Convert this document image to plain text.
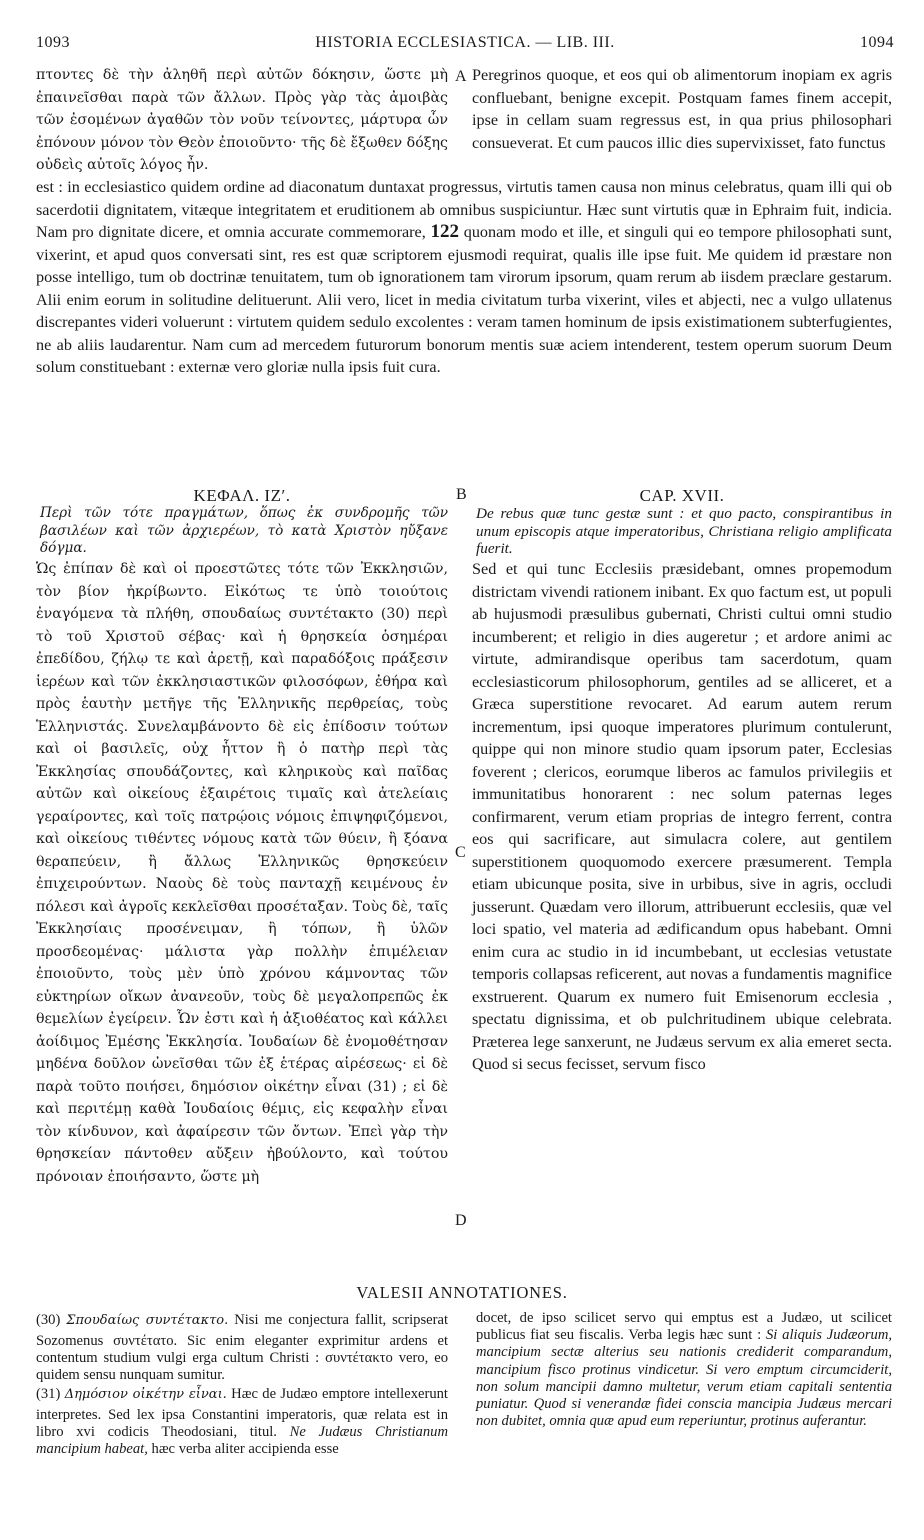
1093	HISTORIA ECCLESIASTICA. — LIB. III.	1094

πτοντες δὲ τὴν ἀληθῆ περὶ αὐτῶν δόκησιν, ὥστε μὴ ἐπαινεῖσθαι παρὰ τῶν ἄλλων. Πρὸς γὰρ τὰς ἀμοιβὰς τῶν ἐσομένων ἀγαθῶν τὸν νοῦν τείνοντες, μάρτυρα ὧν ἐπόνουν μόνον τὸν Θεὸν ἐποιοῦντο· τῆς δὲ ἔξωθεν δόξης οὐδεὶς αὐτοῖς λόγος ἦν.

A Peregrinos quoque, et eos qui ob alimentorum inopiam ex agris confluebant, benigne excepit. Postquam fames finem accepit, ipse in cellam suam regressus est, in qua prius philosophari consueverat. Et cum paucos illic dies supervixisset, fato functus

est : in ecclesiastico quidem ordine ad diaconatum duntaxat progressus, virtutis tamen causa non minus celebratus, quam illi qui ob sacerdotii dignitatem, vitæque integritatem et eruditionem ab omnibus suspiciuntur. Hæc sunt virtutis quæ in Ephraim fuit, indicia. Nam pro dignitate dicere, et omnia accurate commemorare, 122 quonam modo et ille, et singuli qui eo tempore philosophati sunt, vixerint, et apud quos conversati sint, res est quæ scriptorem ejusmodi requirat, qualis ille ipse fuit. Me quidem id præstare non posse intelligo, tum ob doctrinæ tenuitatem, tum ob ignorationem tam virorum ipsorum, quam rerum ab iisdem præclare gestarum. Alii enim eorum in solitudine delituerunt. Alii vero, licet in media civitatum turba vixerint, viles et abjecti, nec a vulgo ullatenus discrepantes videri voluerunt : virtutem quidem sedulo excolentes : veram tamen hominum de ipsis existimationem subterfugientes, ne ab aliis laudarentur. Nam cum ad mercedem futurorum bonorum mentis suæ aciem intenderent, testem operum suorum Deum solum constituebant : externæ vero gloriæ nulla ipsis fuit cura.

ΚΕΦΑΛ. ΙΖʹ.	B	CAP. XVII.

Περὶ τῶν τότε πραγμάτων, ὅπως ἐκ συνδρομῆς τῶν βασιλέων καὶ τῶν ἀρχιερέων, τὸ κατὰ Χριστὸν ηὔξανε δόγμα.

De rebus quæ tunc gestæ sunt : et quo pacto, conspirantibus in unum episcopis atque imperatoribus, Christiana religio amplificata fuerit.

Ὡς ἐπίπαν δὲ καὶ οἱ προεστῶτες τότε τῶν Ἐκκλησιῶν, τὸν βίον ἠκρίβωντο. Εἰκότως τε ὑπὸ τοιούτοις ἐναγόμενα τὰ πλήθη, σπουδαίως συντέτακτο (30) περὶ τὸ τοῦ Χριστοῦ σέβας· καὶ ἡ θρησκεία ὁσημέραι ἐπεδίδου, ζήλῳ τε καὶ ἀρετῇ, καὶ παραδόξοις πράξεσιν ἱερέων καὶ τῶν ἐκκλησιαστικῶν φιλοσόφων, ἐθήρα καὶ πρὸς ἑαυτὴν μετῆγε τῆς Ἑλληνικῆς περθρείας, τοὺς Ἑλληνιστάς. Συνελαμβάνοντο δὲ εἰς ἐπίδοσιν τούτων καὶ οἱ βασιλεῖς, οὐχ ἧττον ἢ ὁ πατὴρ περὶ τὰς Ἐκκλησίας σπουδάζοντες, καὶ κληρικοὺς καὶ παῖδας αὐτῶν καὶ οἰκείους ἐξαιρέτοις τιμαῖς καὶ ἀτελείαις γεραίροντες, καὶ τοῖς πατρῴοις νόμοις ἐπιψηφιζόμενοι, καὶ οἰκείους τιθέντες νόμους κατὰ τῶν θύειν, ἢ ξόανα θεραπεύειν, ἢ ἄλλως Ἑλληνικῶς θρησκεύειν ἐπιχειρούντων. Ναοὺς δὲ τοὺς πανταχῇ κειμένους ἐν πόλεσι καὶ ἀγροῖς κεκλεῖσθαι προσέταξαν. Τοὺς δὲ, ταῖς Ἐκκλησίαις προσένειμαν, ἢ τόπων, ἢ ὑλῶν προσδεομένας· μάλιστα γὰρ πολλὴν ἐπιμέλειαν ἐποιοῦντο, τοὺς μὲν ὑπὸ χρόνου κάμνοντας τῶν εὐκτηρίων οἴκων ἀνανεοῦν, τοὺς δὲ μεγαλοπρεπῶς ἐκ θεμελίων ἐγείρειν. Ὧν ἐστι καὶ ἡ ἀξιοθέατος καὶ κάλλει ἀοίδιμος Ἐμέσης Ἐκκλησία. Ἰουδαίων δὲ ἐνομοθέτησαν μηδένα δοῦλον ὠνεῖσθαι τῶν ἐξ ἑτέρας αἱρέσεως· εἰ δὲ παρὰ τοῦτο ποιήσει, δημόσιον οἰκέτην εἶναι (31) ; εἰ δὲ καὶ περιτέμῃ καθὰ Ἰουδαίοις θέμις, εἰς κεφαλὴν εἶναι τὸν κίνδυνον, καὶ ἀφαίρεσιν τῶν ὄντων. Ἐπεὶ γὰρ τὴν θρησκείαν πάντοθεν αὔξειν ἠβούλοντο, καὶ τούτου πρόνοιαν ἐποιήσαντο, ὥστε μὴ

C
D

Sed et qui tunc Ecclesiis præsidebant, omnes propemodum districtam vivendi rationem inibant. Ex quo factum est, ut populi ab hujusmodi præsulibus gubernati, Christi cultui omni studio incumberent; et religio in dies augeretur ; et ardore animi ac virtute, admirandisque operibus tam sacerdotum, quam ecclesiasticorum philosophorum, gentiles ad se alliceret, et a Græca superstitione revocaret. Ad earum autem rerum incrementum, ipsi quoque imperatores plurimum contulerunt, quippe qui non minore studio quam ipsorum pater, Ecclesias foverent ; clericos, eorumque liberos ac famulos privilegiis et immunitatibus honorarent : nec solum paternas leges confirmarent, verum etiam proprias de integro ferrent, contra eos qui sacrificare, aut simulacra colere, aut gentilem superstitionem quoquomodo exercere præsumerent. Templa etiam ubicunque posita, sive in urbibus, sive in agris, occludi jusserunt. Quædam vero illorum, attribuerunt ecclesiis, quæ vel loci spatio, vel materia ad ædificandum opus habebant. Omni enim cura ac studio in id incumbebant, ut ecclesias vetustate temporis collapsas reficerent, aut novas a fundamentis magnifice exstruerent. Quarum ex numero fuit Emisenorum ecclesia , spectatu dignissima, et ob pulchritudinem ubique celebrata. Præterea lege sanxerunt, ne Judæus servum ex alia emeret secta. Quod si secus fecisset, servum fisco

VALESII ANNOTATIONES.

(30) Σπουδαίως συντέτακτο. Nisi me conjectura fallit, scripserat Sozomenus συντέτατο. Sic enim eleganter exprimitur ardens et contentum studium vulgi erga cultum Christi : συντέτακτο vero, eo quidem sensu nunquam sumitur.

(31) Δημόσιον οἰκέτην εἶναι. Hæc de Judæo emptore intellexerunt interpretes. Sed lex ipsa Constantini imperatoris, quæ relata est in libro xvi codicis Theodosiani, titul. Ne Judæus Christianum mancipium habeat, hæc verba aliter accipienda esse

docet, de ipso scilicet servo qui emptus est a Judæo, ut scilicet publicus fiat seu fiscalis. Verba legis hæc sunt : Si aliquis Judæorum, mancipium sectæ alterius seu nationis crediderit comparandum, mancipium fisco protinus vindicetur. Si vero emptum circumciderit, non solum mancipii damno multetur, verum etiam capitali sententia puniatur. Quod si venerandæ fidei conscia mancipia Judæus mercari non dubitet, omnia quæ apud eum reperiuntur, protinus auferantur.
